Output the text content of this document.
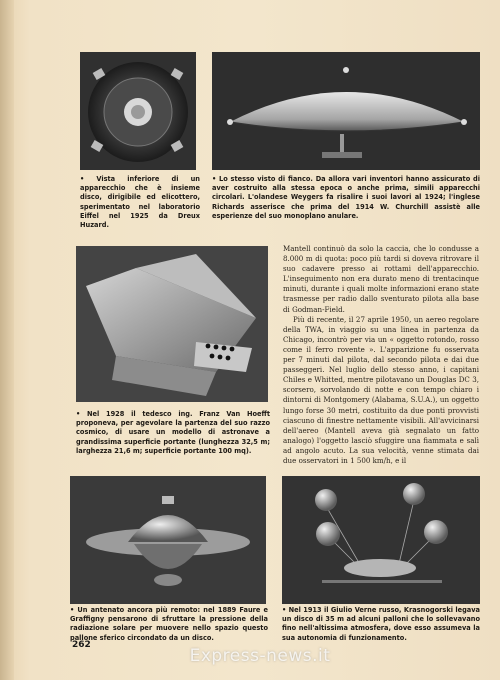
• Vista inferiore di un apparecchio che è insieme disco, dirigibile ed elicottero, sperimentato nel laboratorio Eiffel nel 1925 da Dreux Huzard.
• Lo stesso visto di fianco. Da allora vari inventori hanno assicurato di aver costruito alla stessa epoca o anche prima, simili apparecchi circolari. L'olandese Weygers fa risalire i suoi lavori al 1924; l'inglese Richards asserisce che prima del 1914 W. Churchill assistè alle esperienze del suo monoplano anulare.
• Nel 1928 il tedesco ing. Franz Van Hoefft proponeva, per agevolare la partenza del suo razzo cosmico, di usare un modello di astronave a grandissima superficie portante (lunghezza 32,5 m; larghezza 21,6 m; superficie portante 100 mq).

Mantell continuò da solo la caccia, che lo condusse a 8.000 m di quota: poco più tardi si doveva ritrovare il suo cadavere presso ai rottami dell'apparecchio. L'inseguimento non era durato meno di trentacinque minuti, durante i quali molte informazioni erano state trasmesse per radio dallo sventurato pilota alla base di Godman-Field.

Più di recente, il 27 aprile 1950, un aereo regolare della TWA, in viaggio su una linea in partenza da Chicago, incontrò per via un « oggetto rotondo, rosso come il ferro rovente ». L'apparizione fu osservata per 7 minuti dal pilota, dal secondo pilota e dai due passeggeri. Nel luglio dello stesso anno, i capitani Chiles e Whitted, mentre pilotavano un Douglas DC 3, scorsero, sorvolando di notte e con tempo chiaro i dintorni di Montgomery (Alabama, S.U.A.), un oggetto lungo forse 30 metri, costituito da due ponti provvisti ciascuno di finestre nettamente visibili. All'avvicinarsi dell'aereo (Mantell aveva già segnalato un fatto analogo) l'oggetto lasciò sfuggire una fiammata e salì ad angolo acuto. La sua velocità, venne stimata dai due osservatori in 1 500 km/h, e il

• Un antenato ancora più remoto: nel 1889 Faure e Graffigny pensarono di sfruttare la pressione della radiazione solare per muovere nello spazio questo pallone sferico circondato da un disco.
• Nel 1913 il Giulio Verne russo, Krasnogorski legava un disco di 35 m ad alcuni palloni che lo sollevavano fino nell'altissima atmosfera, dove esso assumeva la sua autonomia di funzionamento.
262
Express-news.it
